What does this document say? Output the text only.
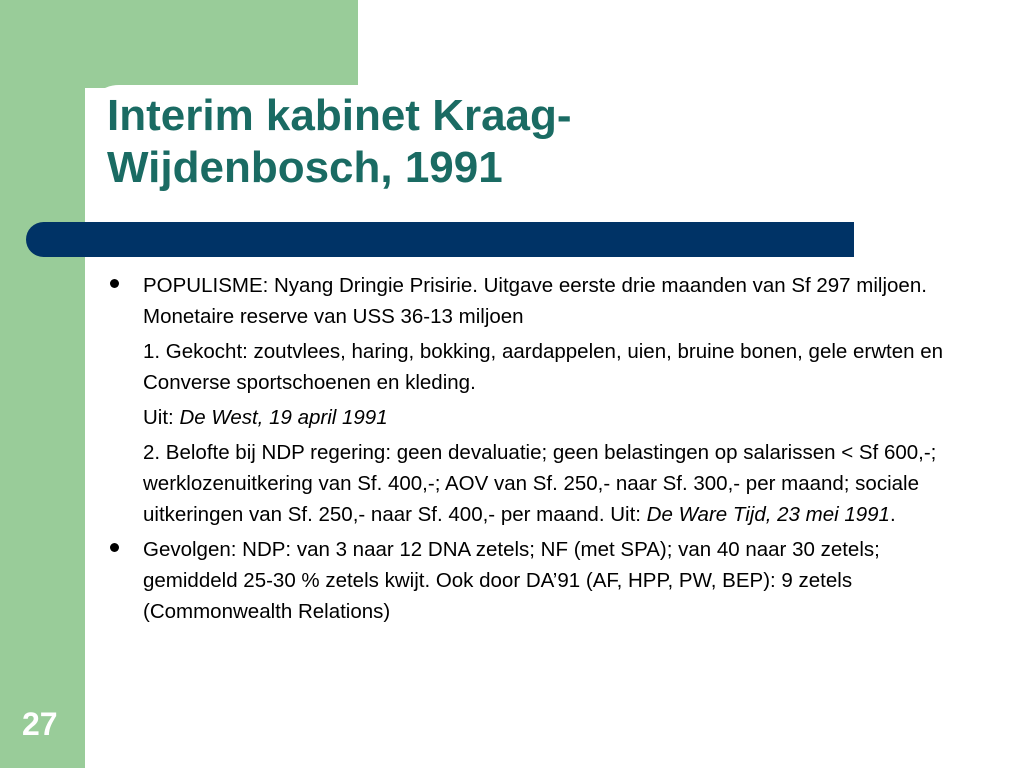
Interim kabinet Kraag-
Wijdenbosch, 1991

POPULISME: Nyang Dringie Prisirie. Uitgave eerste drie maanden van Sf 297 miljoen. Monetaire reserve van USS 36-13 miljoen

1. Gekocht: zoutvlees, haring, bokking, aardappelen, uien, bruine bonen, gele erwten en Converse sportschoenen en kleding.

Uit: De West, 19 april 1991

2. Belofte bij NDP regering: geen devaluatie; geen belastingen op salarissen < Sf 600,-; werklozenuitkering van Sf. 400,-; AOV van Sf. 250,- naar Sf. 300,- per maand; sociale uitkeringen van Sf. 250,- naar Sf. 400,- per maand. Uit: De Ware Tijd, 23 mei 1991.

Gevolgen: NDP: van 3 naar 12 DNA zetels; NF (met SPA); van 40 naar 30 zetels; gemiddeld 25-30 % zetels kwijt. Ook door DA’91 (AF, HPP, PW, BEP): 9 zetels (Commonwealth Relations)

27
